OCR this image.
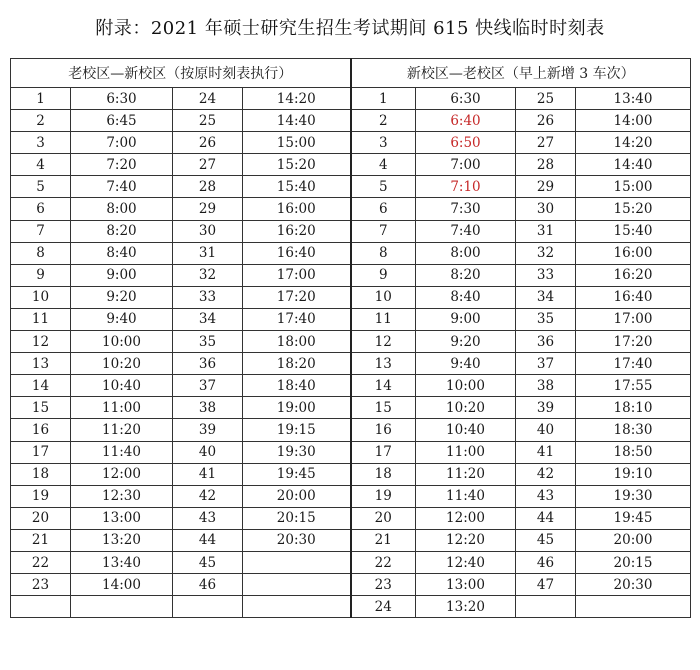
附录：2021 年硕士研究生招生考试期间 615 快线临时时刻表
老校区—新校区（按原时刻表执行）				新校区—老校区（早上新增 3 车次）			
1	6:30	24	14:20	1	6:30	25	13:40
2	6:45	25	14:40	2	6:40	26	14:00
3	7:00	26	15:00	3	6:50	27	14:20
4	7:20	27	15:20	4	7:00	28	14:40
5	7:40	28	15:40	5	7:10	29	15:00
6	8:00	29	16:00	6	7:30	30	15:20
7	8:20	30	16:20	7	7:40	31	15:40
8	8:40	31	16:40	8	8:00	32	16:00
9	9:00	32	17:00	9	8:20	33	16:20
10	9:20	33	17:20	10	8:40	34	16:40
11	9:40	34	17:40	11	9:00	35	17:00
12	10:00	35	18:00	12	9:20	36	17:20
13	10:20	36	18:20	13	9:40	37	17:40
14	10:40	37	18:40	14	10:00	38	17:55
15	11:00	38	19:00	15	10:20	39	18:10
16	11:20	39	19:15	16	10:40	40	18:30
17	11:40	40	19:30	17	11:00	41	18:50
18	12:00	41	19:45	18	11:20	42	19:10
19	12:30	42	20:00	19	11:40	43	19:30
20	13:00	43	20:15	20	12:00	44	19:45
21	13:20	44	20:30	21	12:20	45	20:00
22	13:40	45		22	12:40	46	20:15
23	14:00	46		23	13:00	47	20:30
				24	13:20		
